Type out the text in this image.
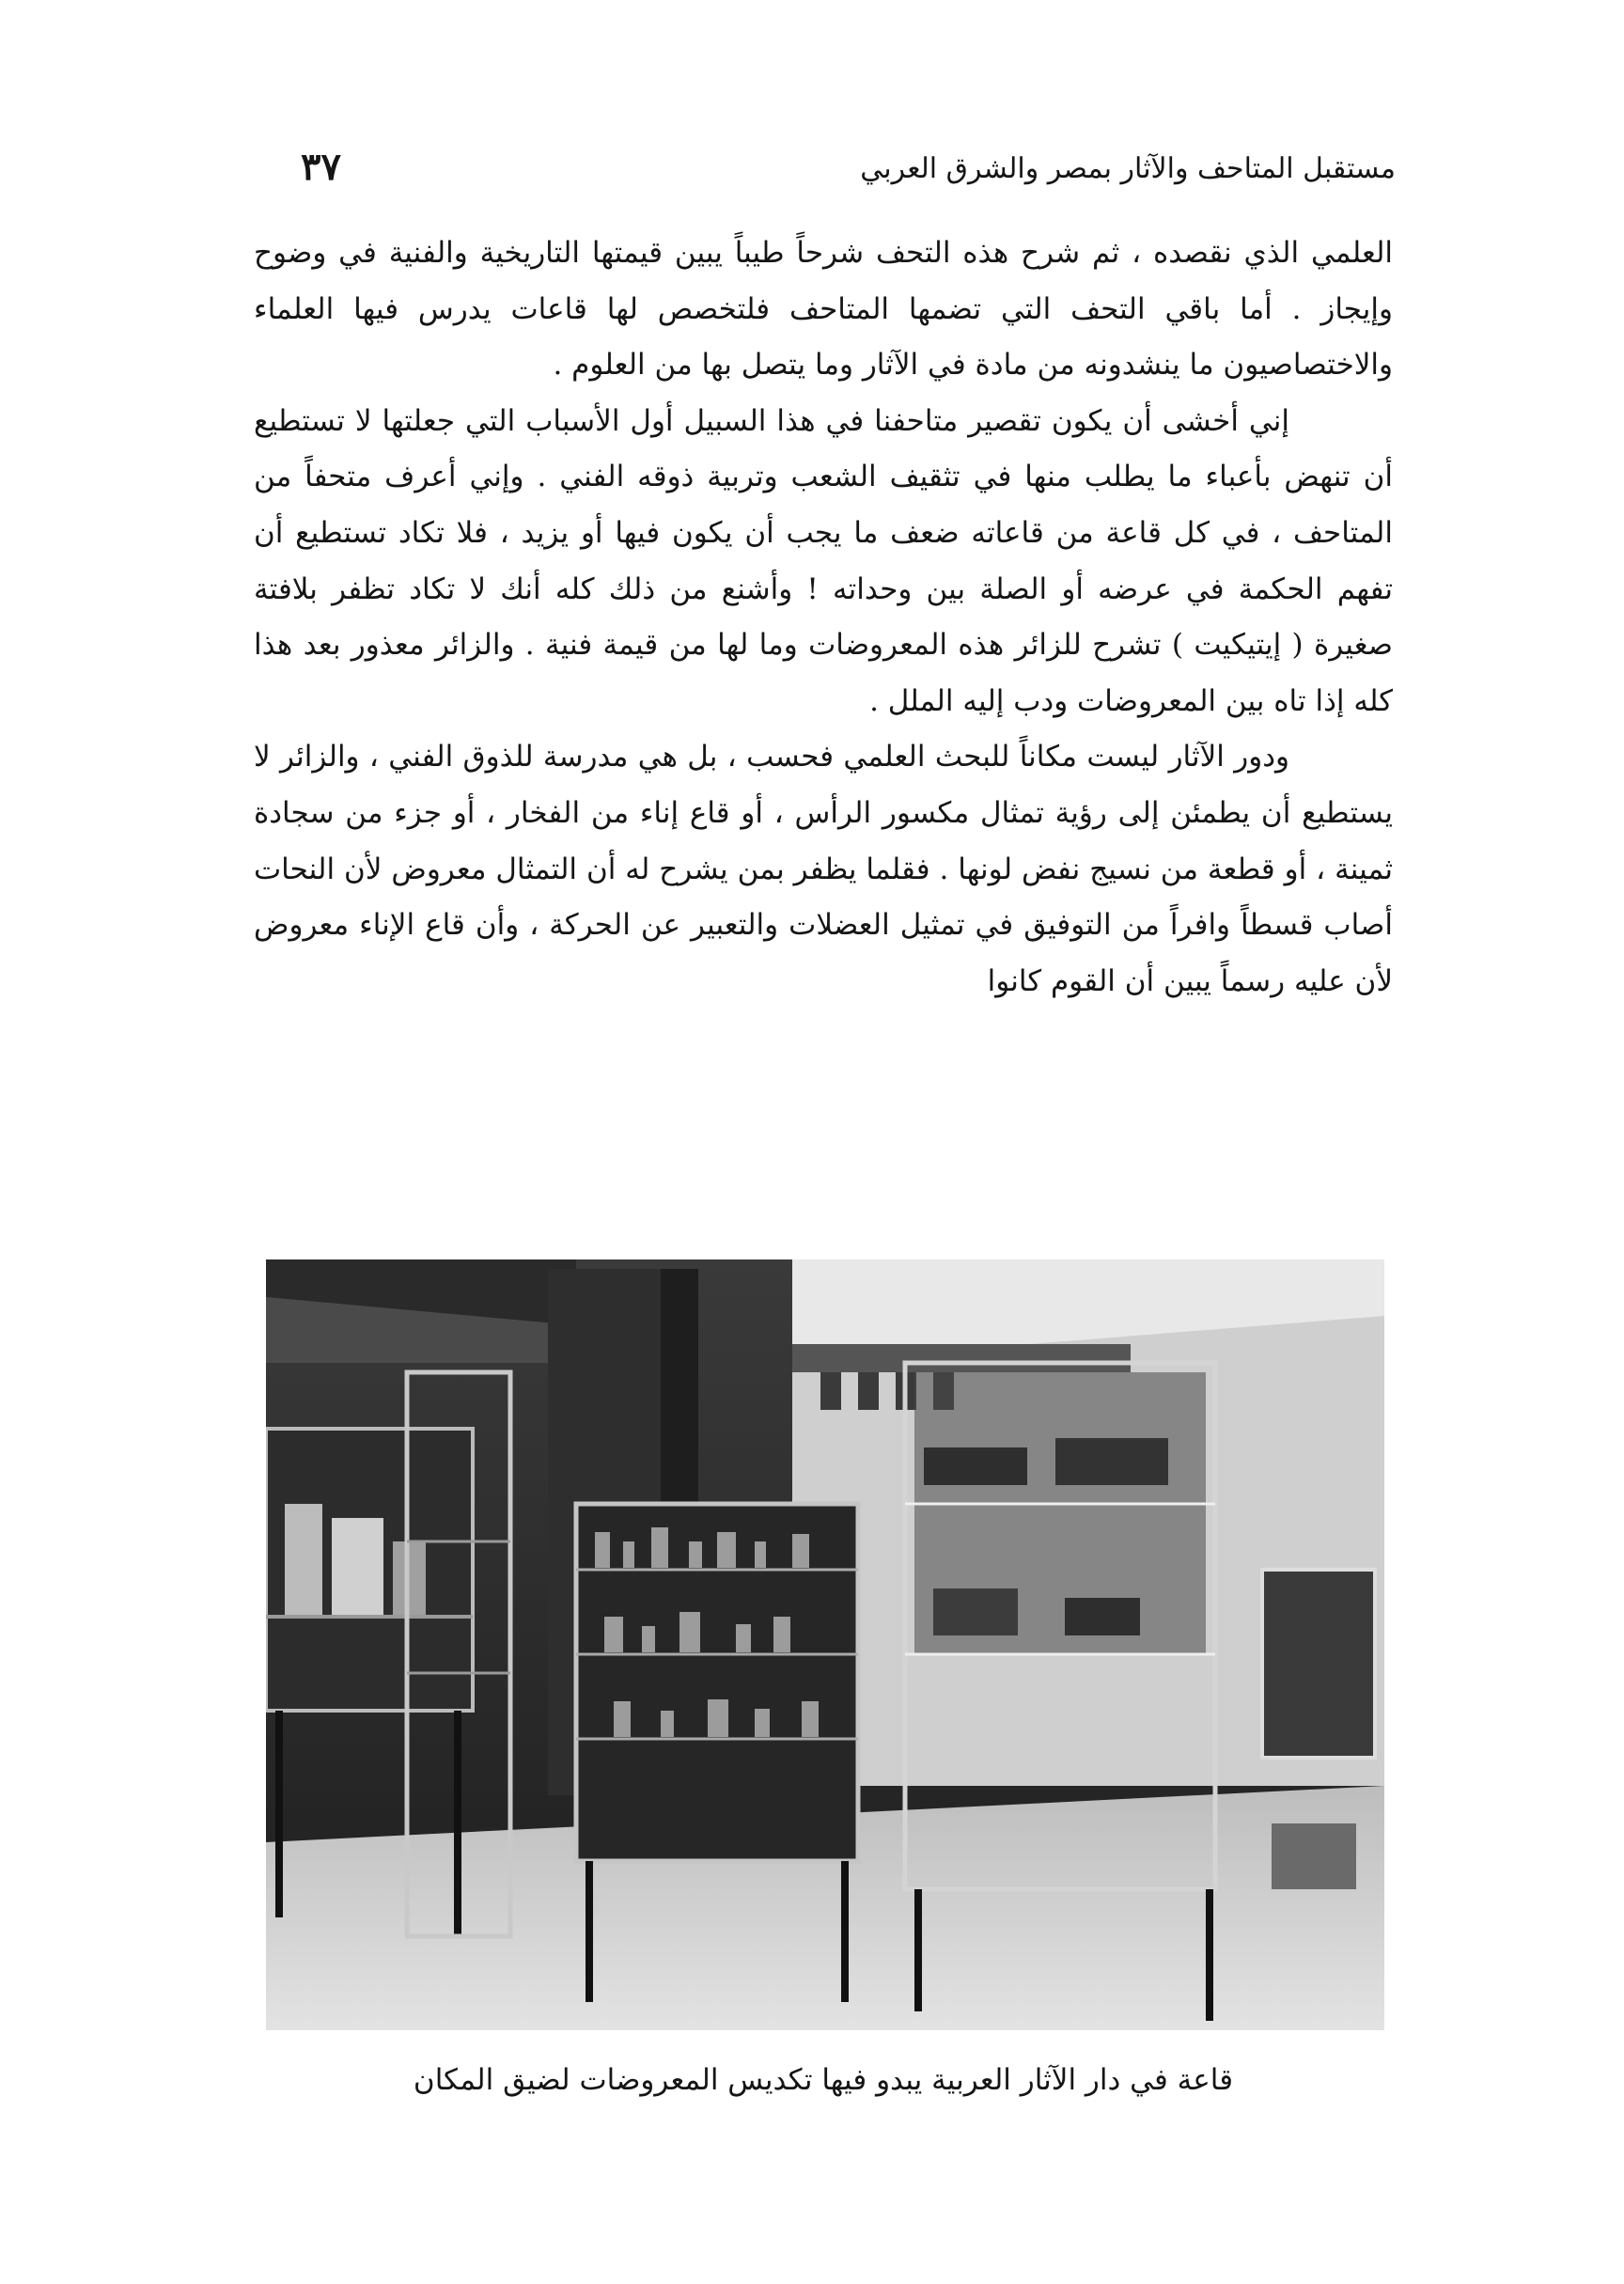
مستقبل المتاحف والآثار بمصر والشرق العربي
٣٧

العلمي الذي نقصده ، ثم شرح هذه التحف شرحاً طيباً يبين قيمتها التاريخية والفنية في وضوح وإيجاز . أما باقي التحف التي تضمها المتاحف فلتخصص لها قاعات يدرس فيها العلماء والاختصاصيون ما ينشدونه من مادة في الآثار وما يتصل بها من العلوم .

إني أخشى أن يكون تقصير متاحفنا في هذا السبيل أول الأسباب التي جعلتها لا تستطيع أن تنهض بأعباء ما يطلب منها في تثقيف الشعب وتربية ذوقه الفني . وإني أعرف متحفاً من المتاحف ، في كل قاعة من قاعاته ضعف ما يجب أن يكون فيها أو يزيد ، فلا تكاد تستطيع أن تفهم الحكمة في عرضه أو الصلة بين وحداته ! وأشنع من ذلك كله أنك لا تكاد تظفر بلافتة صغيرة ( إيتيكيت ) تشرح للزائر هذه المعروضات وما لها من قيمة فنية . والزائر معذور بعد هذا كله إذا تاه بين المعروضات ودب إليه الملل .

ودور الآثار ليست مكاناً للبحث العلمي فحسب ، بل هي مدرسة للذوق الفني ، والزائر لا يستطيع أن يطمئن إلى رؤية تمثال مكسور الرأس ، أو قاع إناء من الفخار ، أو جزء من سجادة ثمينة ، أو قطعة من نسيج نفض لونها . فقلما يظفر بمن يشرح له أن التمثال معروض لأن النحات أصاب قسطاً وافراً من التوفيق في تمثيل العضلات والتعبير عن الحركة ، وأن قاع الإناء معروض لأن عليه رسماً يبين أن القوم كانوا

قاعة في دار الآثار العربية يبدو فيها تكديس المعروضات لضيق المكان
